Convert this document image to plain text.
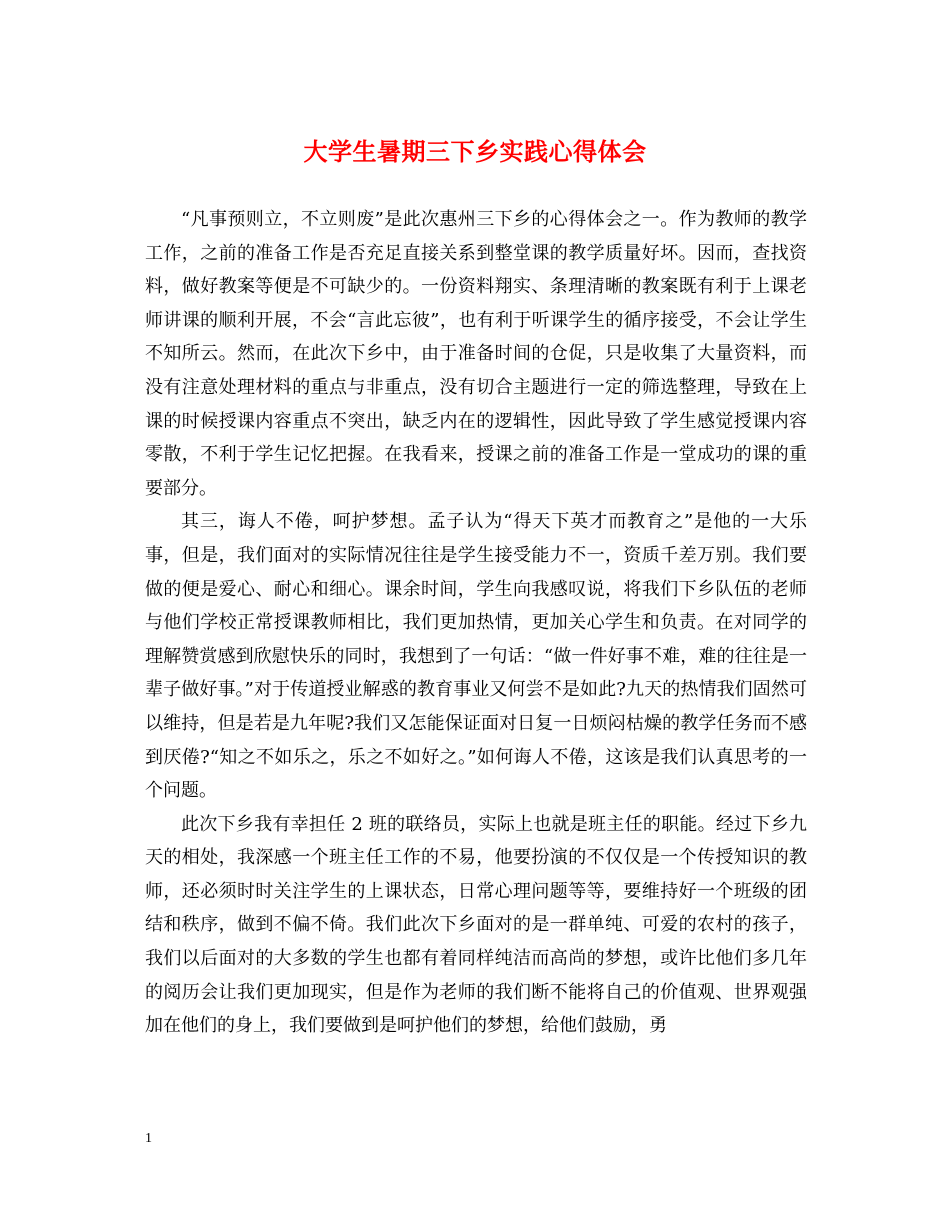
大学生暑期三下乡实践心得体会

“凡事预则立，不立则废”是此次惠州三下乡的心得体会之一。作为教师的教学工作，之前的准备工作是否充足直接关系到整堂课的教学质量好坏。因而，查找资料，做好教案等便是不可缺少的。一份资料翔实、条理清晰的教案既有利于上课老师讲课的顺利开展，不会“言此忘彼”，也有利于听课学生的循序接受，不会让学生不知所云。然而，在此次下乡中，由于准备时间的仓促，只是收集了大量资料，而没有注意处理材料的重点与非重点，没有切合主题进行一定的筛选整理，导致在上课的时候授课内容重点不突出，缺乏内在的逻辑性，因此导致了学生感觉授课内容零散，不利于学生记忆把握。在我看来，授课之前的准备工作是一堂成功的课的重要部分。

其三，诲人不倦，呵护梦想。孟子认为“得天下英才而教育之”是他的一大乐事，但是，我们面对的实际情况往往是学生接受能力不一，资质千差万别。我们要做的便是爱心、耐心和细心。课余时间，学生向我感叹说，将我们下乡队伍的老师与他们学校正常授课教师相比，我们更加热情，更加关心学生和负责。在对同学的理解赞赏感到欣慰快乐的同时，我想到了一句话：“做一件好事不难，难的往往是一辈子做好事。”对于传道授业解惑的教育事业又何尝不是如此?九天的热情我们固然可以维持，但是若是九年呢?我们又怎能保证面对日复一日烦闷枯燥的教学任务而不感到厌倦?“知之不如乐之，乐之不如好之。”如何诲人不倦，这该是我们认真思考的一个问题。

此次下乡我有幸担任 2 班的联络员，实际上也就是班主任的职能。经过下乡九天的相处，我深感一个班主任工作的不易，他要扮演的不仅仅是一个传授知识的教师，还必须时时关注学生的上课状态，日常心理问题等等，要维持好一个班级的团结和秩序，做到不偏不倚。我们此次下乡面对的是一群单纯、可爱的农村的孩子，我们以后面对的大多数的学生也都有着同样纯洁而高尚的梦想，或许比他们多几年的阅历会让我们更加现实，但是作为老师的我们断不能将自己的价值观、世界观强加在他们的身上，我们要做到是呵护他们的梦想，给他们鼓励，勇

1
